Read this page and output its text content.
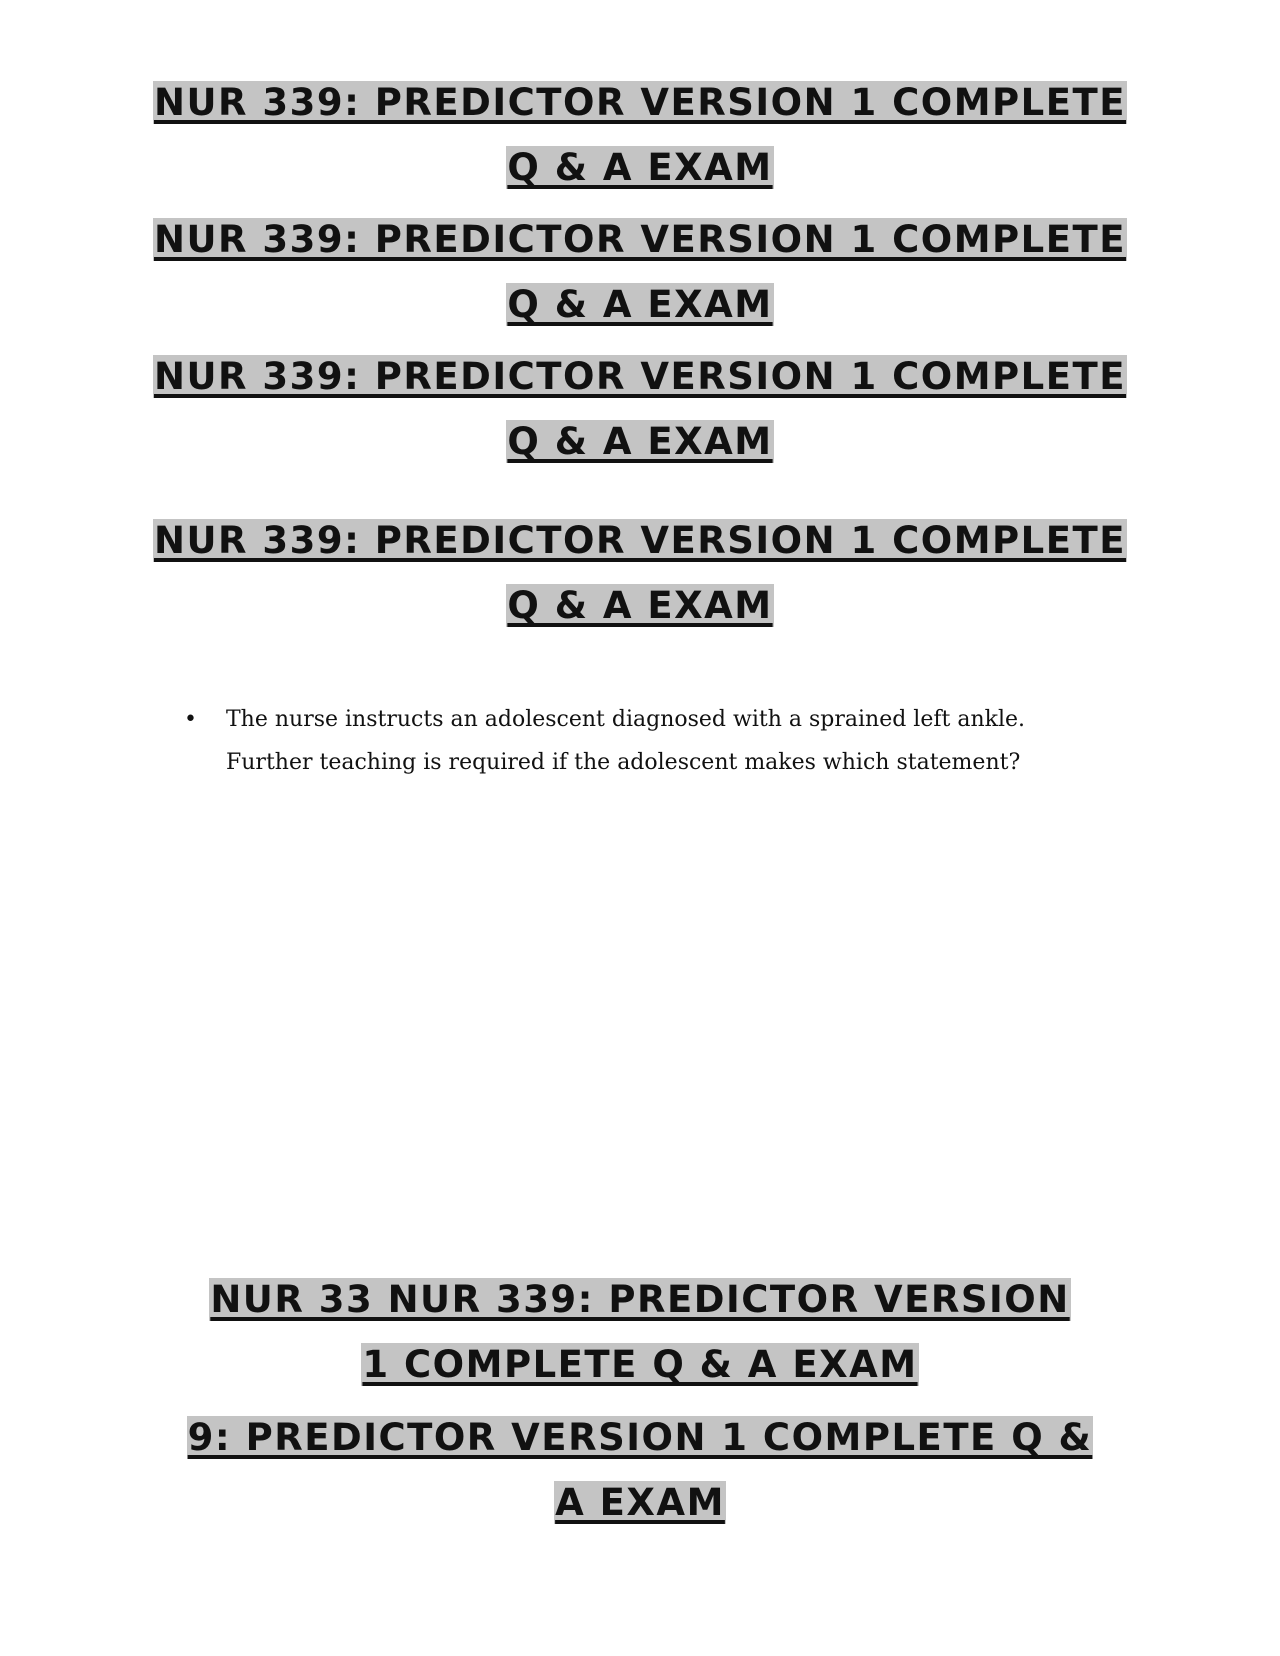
NUR 339: PREDICTOR VERSION 1 COMPLETE Q & A EXAM
NUR 339: PREDICTOR VERSION 1 COMPLETE Q & A EXAM
NUR 339: PREDICTOR VERSION 1 COMPLETE Q & A EXAM
NUR 339: PREDICTOR VERSION 1 COMPLETE Q & A EXAM
• The nurse instructs an adolescent diagnosed with a sprained left ankle. Further teaching is required if the adolescent makes which statement?
NUR 33 NUR 339: PREDICTOR VERSION 1 COMPLETE Q & A EXAM
9: PREDICTOR VERSION 1 COMPLETE Q & A EXAM
